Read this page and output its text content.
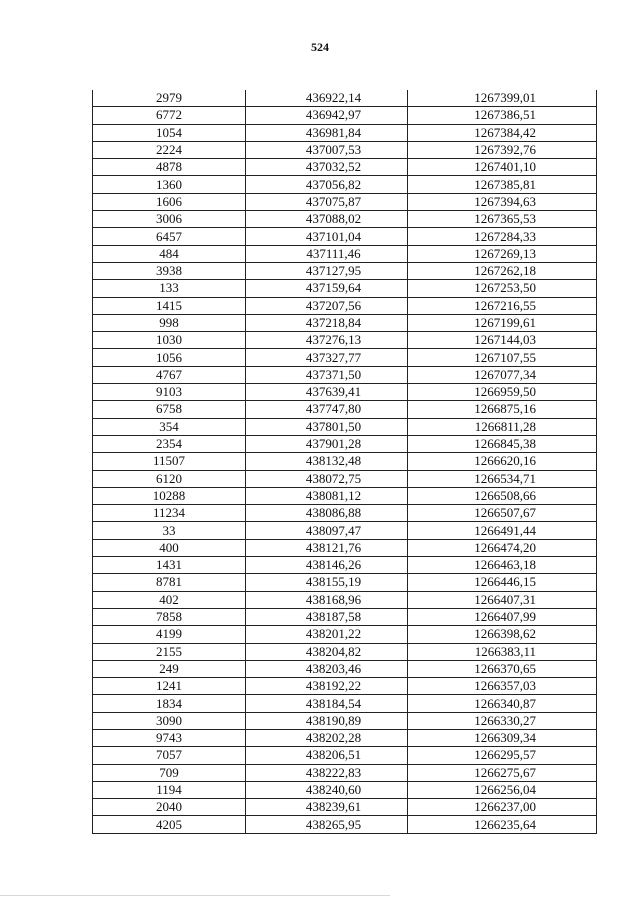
524
2979	436922,14	1267399,01
6772	436942,97	1267386,51
1054	436981,84	1267384,42
2224	437007,53	1267392,76
4878	437032,52	1267401,10
1360	437056,82	1267385,81
1606	437075,87	1267394,63
3006	437088,02	1267365,53
6457	437101,04	1267284,33
484	437111,46	1267269,13
3938	437127,95	1267262,18
133	437159,64	1267253,50
1415	437207,56	1267216,55
998	437218,84	1267199,61
1030	437276,13	1267144,03
1056	437327,77	1267107,55
4767	437371,50	1267077,34
9103	437639,41	1266959,50
6758	437747,80	1266875,16
354	437801,50	1266811,28
2354	437901,28	1266845,38
11507	438132,48	1266620,16
6120	438072,75	1266534,71
10288	438081,12	1266508,66
11234	438086,88	1266507,67
33	438097,47	1266491,44
400	438121,76	1266474,20
1431	438146,26	1266463,18
8781	438155,19	1266446,15
402	438168,96	1266407,31
7858	438187,58	1266407,99
4199	438201,22	1266398,62
2155	438204,82	1266383,11
249	438203,46	1266370,65
1241	438192,22	1266357,03
1834	438184,54	1266340,87
3090	438190,89	1266330,27
9743	438202,28	1266309,34
7057	438206,51	1266295,57
709	438222,83	1266275,67
1194	438240,60	1266256,04
2040	438239,61	1266237,00
4205	438265,95	1266235,64
